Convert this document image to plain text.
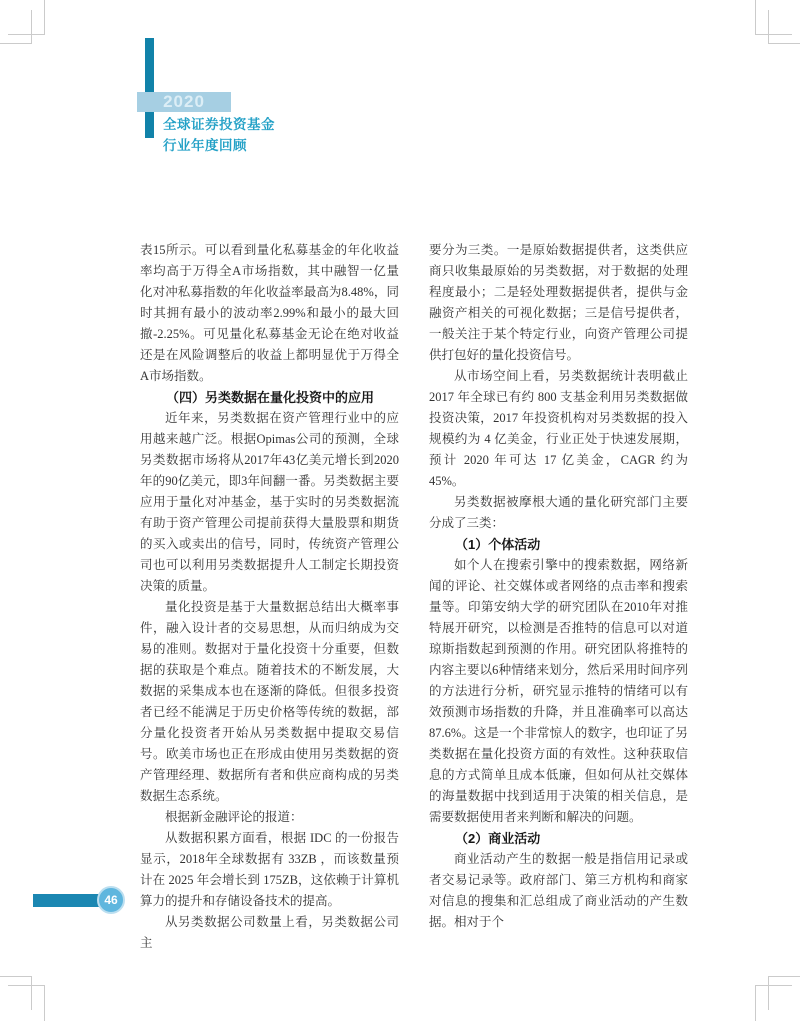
2020
全球证券投资基金
行业年度回顾

表15所示。可以看到量化私募基金的年化收益率均高于万得全A市场指数，其中融智一亿量化对冲私募指数的年化收益率最高为8.48%，同时其拥有最小的波动率2.99%和最小的最大回撤-2.25%。可见量化私募基金无论在绝对收益还是在风险调整后的收益上都明显优于万得全A市场指数。

（四）另类数据在量化投资中的应用

近年来，另类数据在资产管理行业中的应用越来越广泛。根据Opimas公司的预测，全球另类数据市场将从2017年43亿美元增长到2020年的90亿美元，即3年间翻一番。另类数据主要应用于量化对冲基金，基于实时的另类数据流有助于资产管理公司提前获得大量股票和期货的买入或卖出的信号，同时，传统资产管理公司也可以利用另类数据提升人工制定长期投资决策的质量。

量化投资是基于大量数据总结出大概率事件，融入设计者的交易思想，从而归纳成为交易的准则。数据对于量化投资十分重要，但数据的获取是个难点。随着技术的不断发展，大数据的采集成本也在逐渐的降低。但很多投资者已经不能满足于历史价格等传统的数据，部分量化投资者开始从另类数据中提取交易信号。欧美市场也正在形成由使用另类数据的资产管理经理、数据所有者和供应商构成的另类数据生态系统。

根据新金融评论的报道：

从数据积累方面看，根据 IDC 的一份报告显示，2018年全球数据有 33ZB ，而该数量预计在 2025 年会增长到 175ZB，这依赖于计算机算力的提升和存储设备技术的提高。

从另类数据公司数量上看，另类数据公司主

要分为三类。一是原始数据提供者，这类供应商只收集最原始的另类数据，对于数据的处理程度最小；二是轻处理数据提供者，提供与金融资产相关的可视化数据；三是信号提供者，一般关注于某个特定行业，向资产管理公司提供打包好的量化投资信号。

从市场空间上看，另类数据统计表明截止 2017 年全球已有约 800 支基金利用另类数据做投资决策，2017 年投资机构对另类数据的投入规模约为 4 亿美金，行业正处于快速发展期，预计 2020 年可达 17 亿美金，CAGR 约为 45%。

另类数据被摩根大通的量化研究部门主要分成了三类：

（1）个体活动

如个人在搜索引擎中的搜索数据，网络新闻的评论、社交媒体或者网络的点击率和搜索量等。印第安纳大学的研究团队在2010年对推特展开研究，以检测是否推特的信息可以对道琼斯指数起到预测的作用。研究团队将推特的内容主要以6种情绪来划分，然后采用时间序列的方法进行分析，研究显示推特的情绪可以有效预测市场指数的升降，并且准确率可以高达87.6%。这是一个非常惊人的数字，也印证了另类数据在量化投资方面的有效性。这种获取信息的方式简单且成本低廉，但如何从社交媒体的海量数据中找到适用于决策的相关信息，是需要数据使用者来判断和解决的问题。

（2）商业活动

商业活动产生的数据一般是指信用记录或者交易记录等。政府部门、第三方机构和商家对信息的搜集和汇总组成了商业活动的产生数据。相对于个

46
